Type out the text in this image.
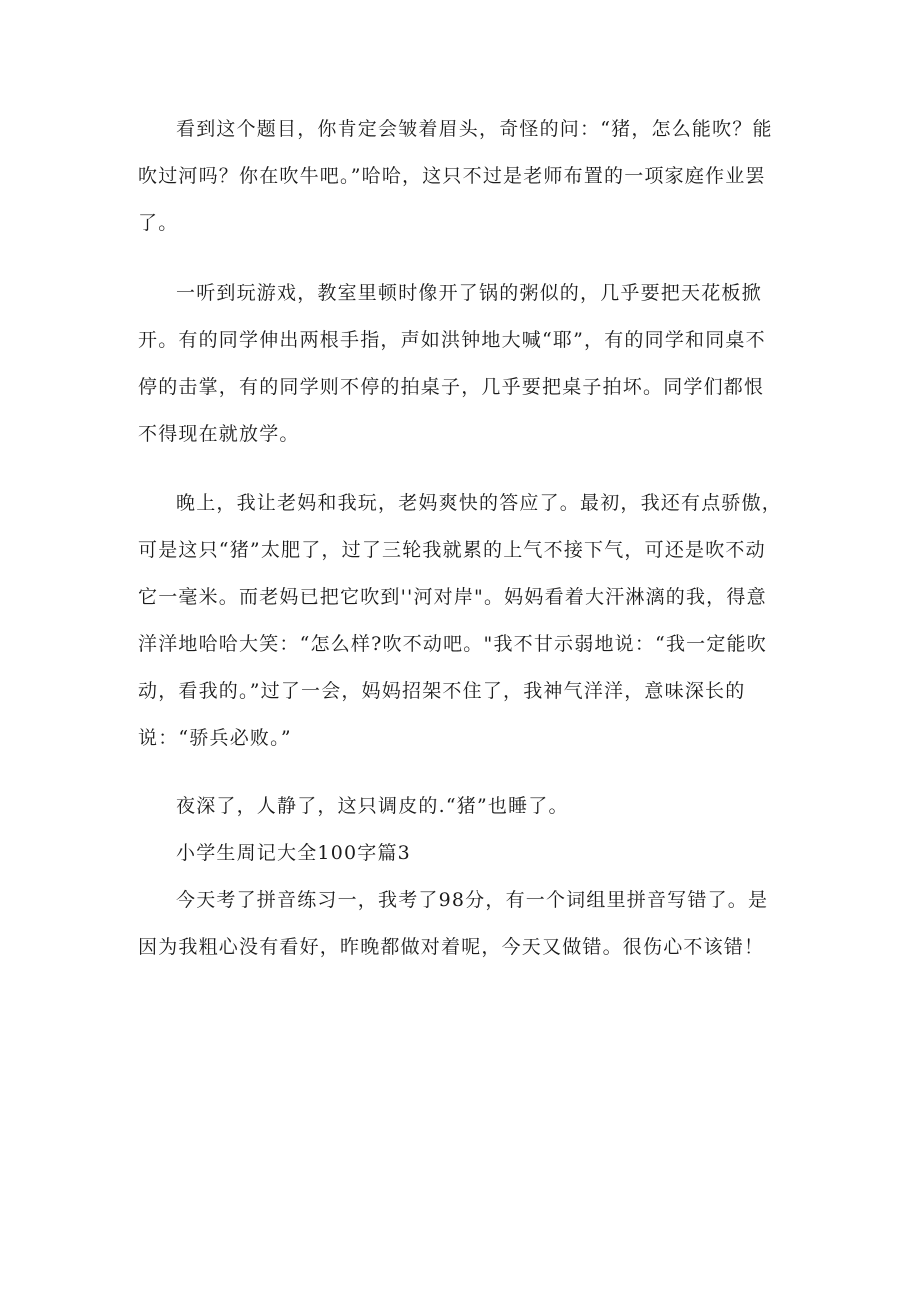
看到这个题目，你肯定会皱着眉头，奇怪的问：“猪，怎么能吹？能吹过河吗？你在吹牛吧。”哈哈，这只不过是老师布置的一项家庭作业罢了。

一听到玩游戏，教室里顿时像开了锅的粥似的，几乎要把天花板掀开。有的同学伸出两根手指，声如洪钟地大喊“耶”，有的同学和同桌不停的击掌，有的同学则不停的拍桌子，几乎要把桌子拍坏。同学们都恨不得现在就放学。

晚上，我让老妈和我玩，老妈爽快的答应了。最初，我还有点骄傲，可是这只“猪”太肥了，过了三轮我就累的上气不接下气，可还是吹不动它一毫米。而老妈已把它吹到''河对岸"。妈妈看着大汗淋漓的我，得意洋洋地哈哈大笑：“怎么样?吹不动吧。"我不甘示弱地说：“我一定能吹动，看我的。”过了一会，妈妈招架不住了，我神气洋洋，意味深长的说：“骄兵必败。”

夜深了，人静了，这只调皮的.“猪”也睡了。

小学生周记大全100字篇3

今天考了拼音练习一，我考了98分，有一个词组里拼音写错了。是因为我粗心没有看好，昨晚都做对着呢，今天又做错。很伤心不该错！
